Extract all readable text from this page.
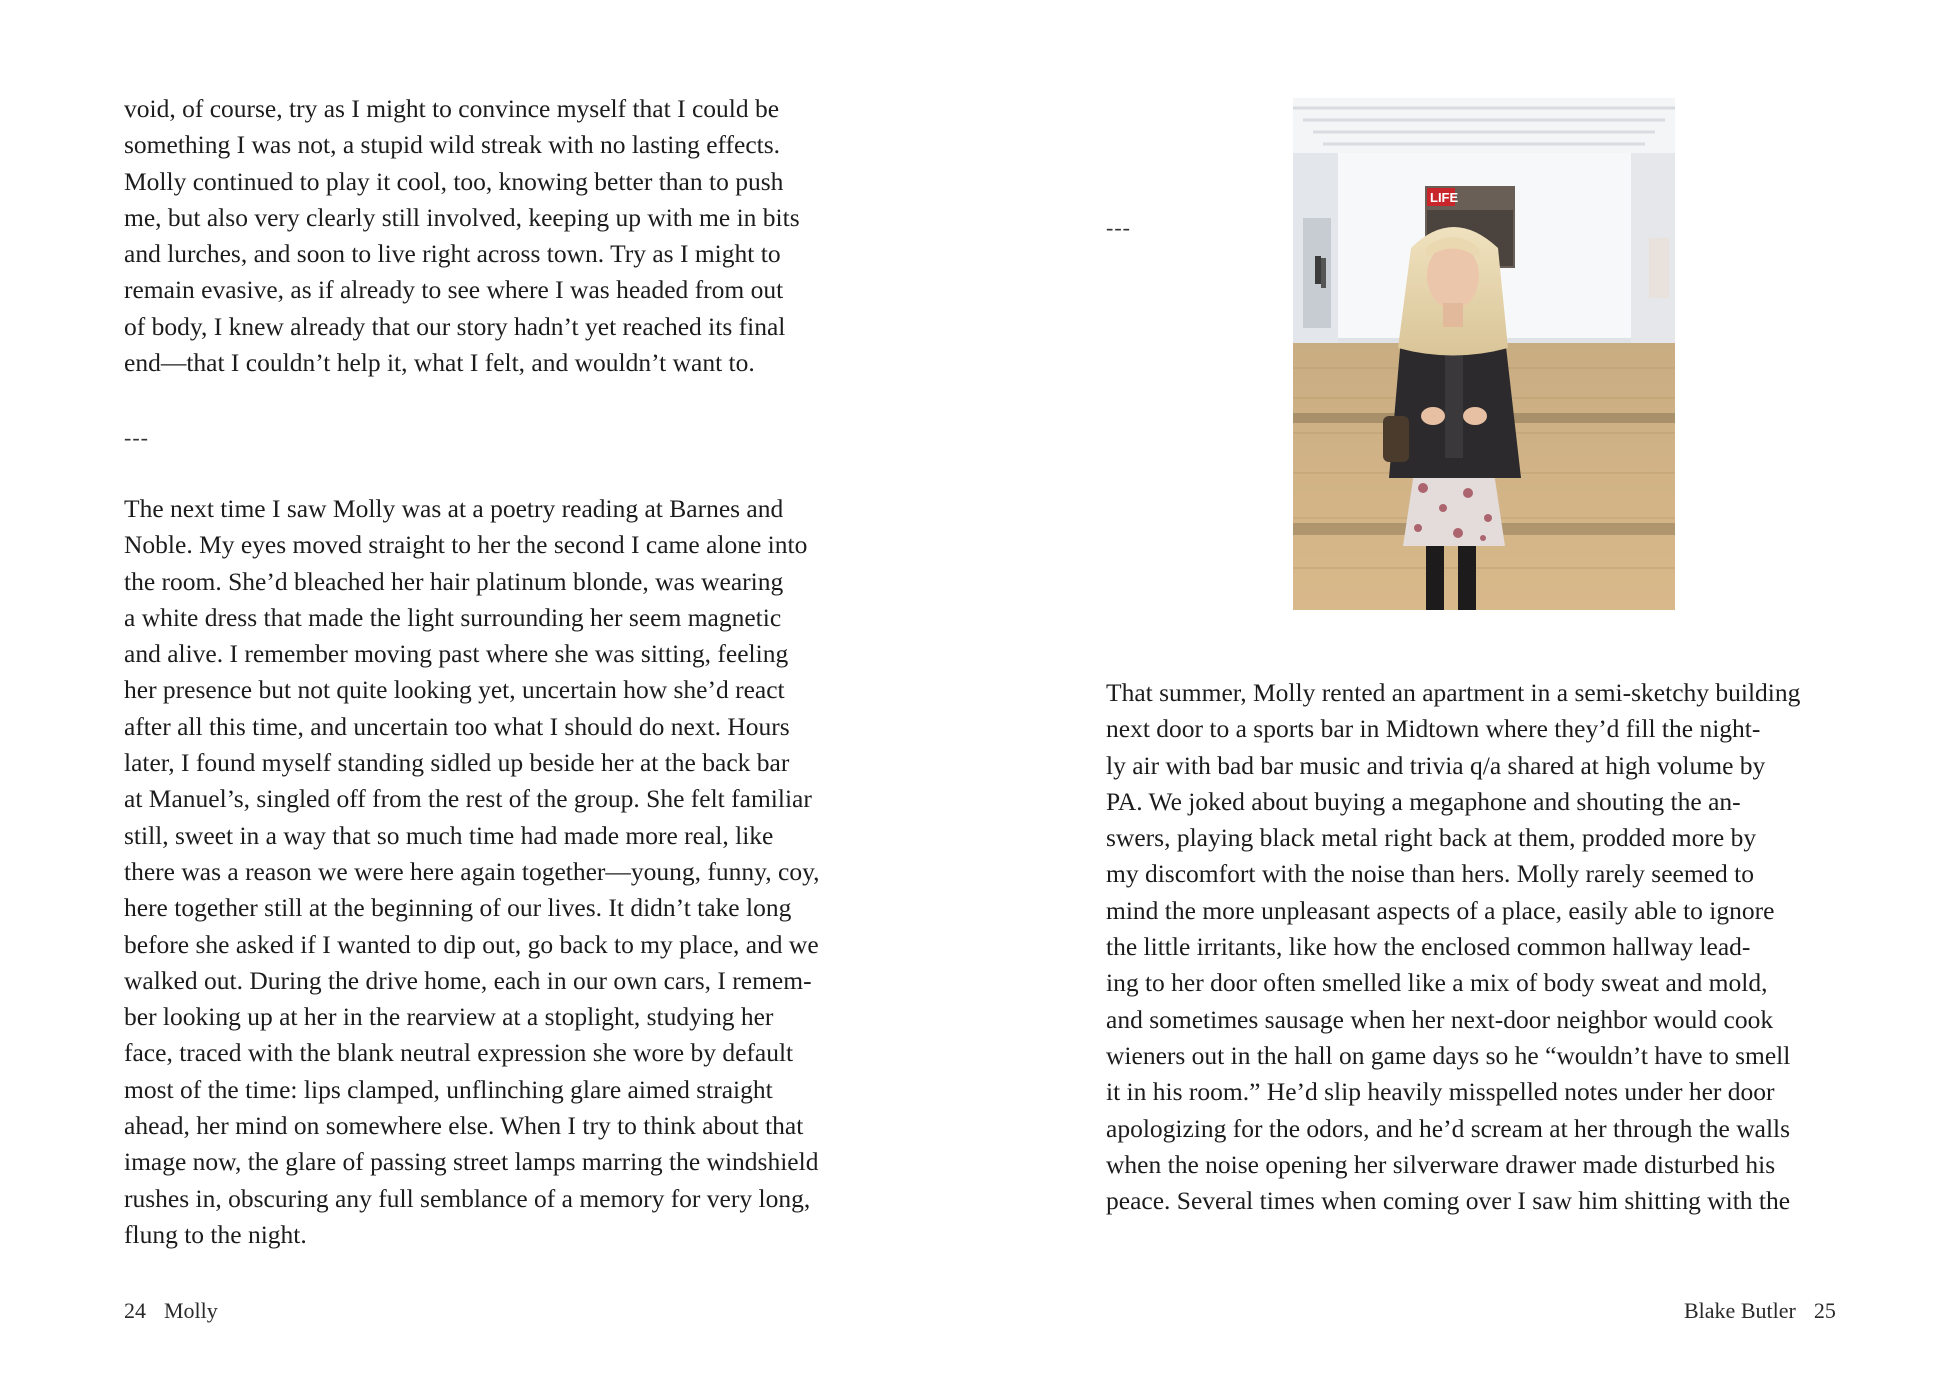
void, of course, try as I might to convince myself that I could be
something I was not, a stupid wild streak with no lasting effects.
Molly continued to play it cool, too, knowing better than to push
me, but also very clearly still involved, keeping up with me in bits
and lurches, and soon to live right across town. Try as I might to
remain evasive, as if already to see where I was headed from out
of body, I knew already that our story hadn’t yet reached its final
end—that I couldn’t help it, what I felt, and wouldn’t want to.
---
The next time I saw Molly was at a poetry reading at Barnes and
Noble. My eyes moved straight to her the second I came alone into
the room. She’d bleached her hair platinum blonde, was wearing
a white dress that made the light surrounding her seem magnetic
and alive. I remember moving past where she was sitting, feeling
her presence but not quite looking yet, uncertain how she’d react
after all this time, and uncertain too what I should do next. Hours
later, I found myself standing sidled up beside her at the back bar
at Manuel’s, singled off from the rest of the group. She felt familiar
still, sweet in a way that so much time had made more real, like
there was a reason we were here again together—young, funny, coy,
here together still at the beginning of our lives. It didn’t take long
before she asked if I wanted to dip out, go back to my place, and we
walked out. During the drive home, each in our own cars, I remem-
ber looking up at her in the rearview at a stoplight, studying her
face, traced with the blank neutral expression she wore by default
most of the time: lips clamped, unflinching glare aimed straight
ahead, her mind on somewhere else. When I try to think about that
image now, the glare of passing street lamps marring the windshield
rushes in, obscuring any full semblance of a memory for very long,
flung to the night.
24 Molly
---
LIFE
That summer, Molly rented an apartment in a semi-sketchy building
next door to a sports bar in Midtown where they’d fill the night-
ly air with bad bar music and trivia q/a shared at high volume by
PA. We joked about buying a megaphone and shouting the an-
swers, playing black metal right back at them, prodded more by
my discomfort with the noise than hers. Molly rarely seemed to
mind the more unpleasant aspects of a place, easily able to ignore
the little irritants, like how the enclosed common hallway lead-
ing to her door often smelled like a mix of body sweat and mold,
and sometimes sausage when her next-door neighbor would cook
wieners out in the hall on game days so he “wouldn’t have to smell
it in his room.” He’d slip heavily misspelled notes under her door
apologizing for the odors, and he’d scream at her through the walls
when the noise opening her silverware drawer made disturbed his
peace. Several times when coming over I saw him shitting with the
Blake Butler 25
